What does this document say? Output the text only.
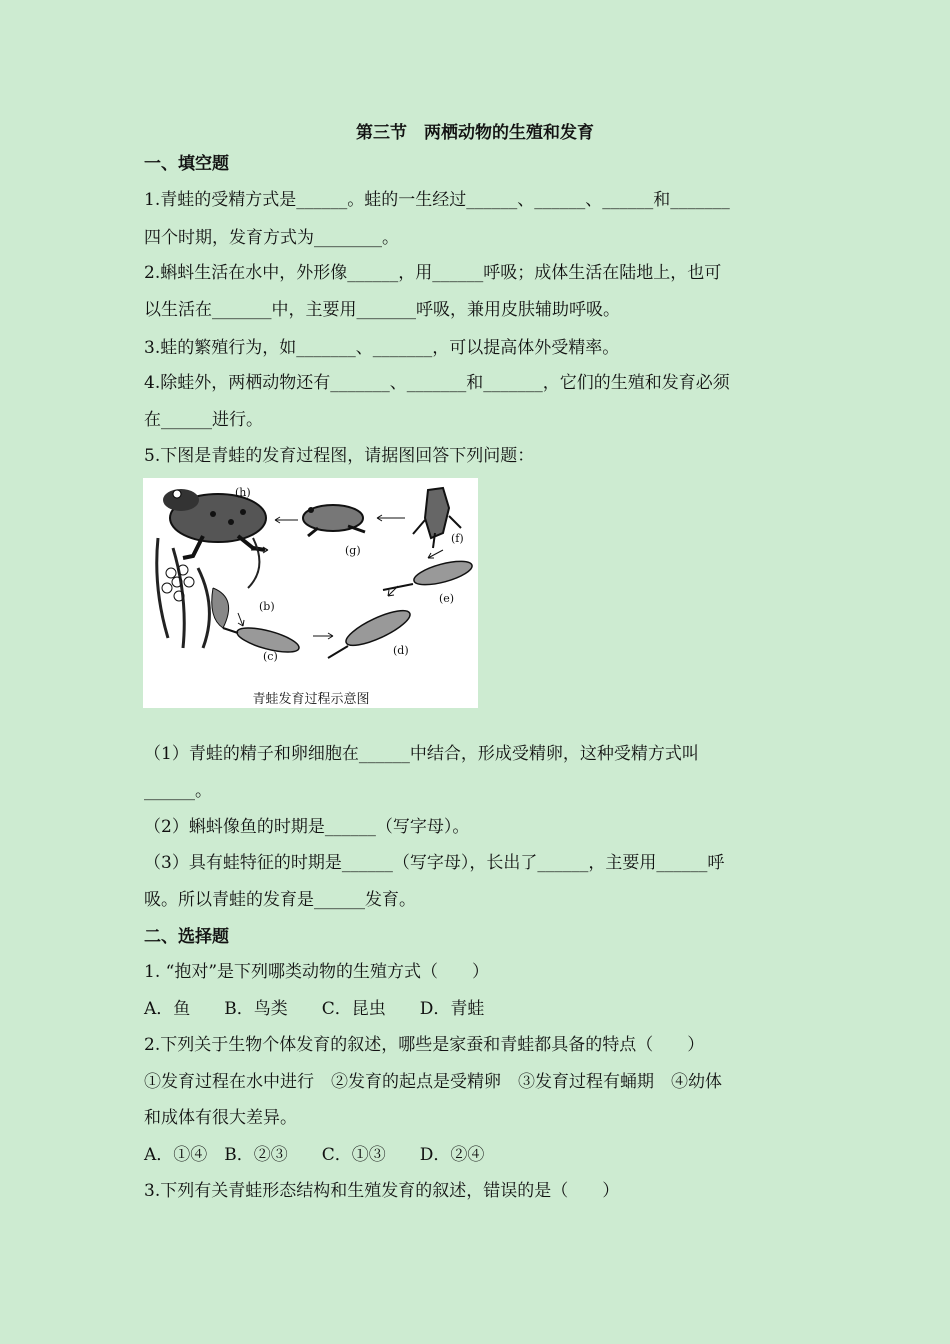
第三节　两栖动物的生殖和发育
一、填空题
1.青蛙的受精方式是______。蛙的一生经过______、______、______和_______
四个时期，发育方式为________。
2.蝌蚪生活在水中，外形像______，用______呼吸；成体生活在陆地上，也可
以生活在_______中，主要用_______呼吸，兼用皮肤辅助呼吸。
3.蛙的繁殖行为，如_______、_______，可以提高体外受精率。
4.除蛙外，两栖动物还有_______、_______和_______，它们的生殖和发育必须
在______进行。
5.下图是青蛙的发育过程图，请据图回答下列问题：
(h)
(g)
(f)
(e)
(d)
(c)
(b)
青蛙发育过程示意图
（1）青蛙的精子和卵细胞在______中结合，形成受精卵，这种受精方式叫
______。
（2）蝌蚪像鱼的时期是______（写字母）。
（3）具有蛙特征的时期是______（写字母），长出了______，主要用______呼
吸。所以青蛙的发育是______发育。
二、选择题
1. “抱对”是下列哪类动物的生殖方式（　　）
A．鱼　　B．鸟类　　C．昆虫　　D．青蛙
2.下列关于生物个体发育的叙述，哪些是家蚕和青蛙都具备的特点（　　）
①发育过程在水中进行　②发育的起点是受精卵　③发育过程有蛹期　④幼体
和成体有很大差异。
A．①④　B．②③　　C．①③　　D．②④
3.下列有关青蛙形态结构和生殖发育的叙述，错误的是（　　）
